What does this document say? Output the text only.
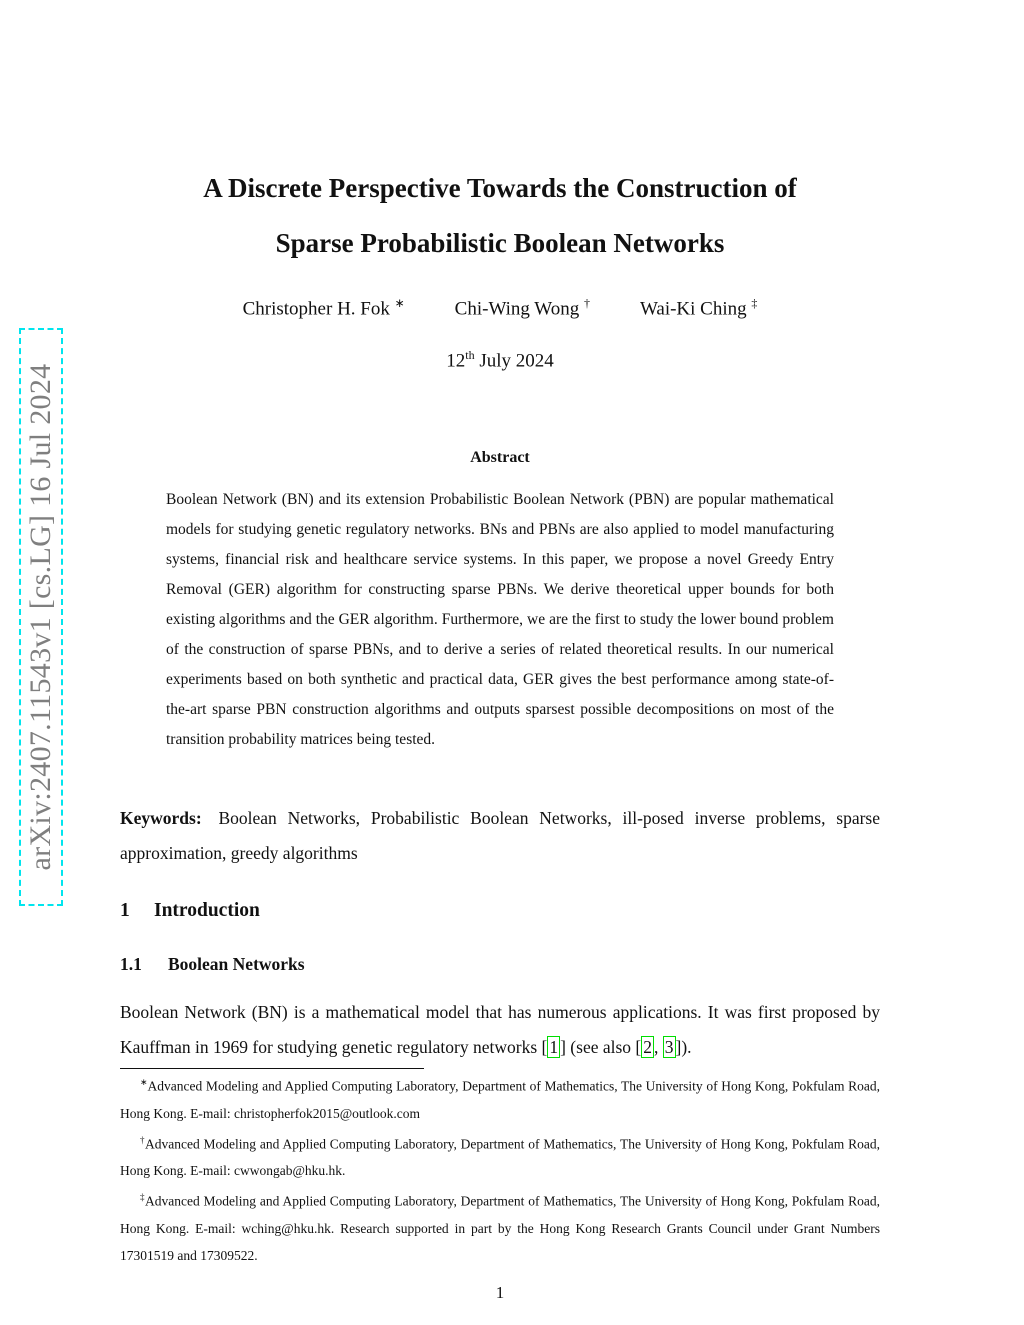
arXiv:2407.11543v1 [cs.LG] 16 Jul 2024
A Discrete Perspective Towards the Construction of
Sparse Probabilistic Boolean Networks
Christopher H. Fok ∗	Chi-Wing Wong †	Wai-Ki Ching ‡
12th July 2024
Abstract
Boolean Network (BN) and its extension Probabilistic Boolean Network (PBN) are popular mathematical models for studying genetic regulatory networks. BNs and PBNs are also applied to model manufacturing systems, financial risk and healthcare service systems. In this paper, we propose a novel Greedy Entry Removal (GER) algorithm for constructing sparse PBNs. We derive theoretical upper bounds for both existing algorithms and the GER algorithm. Furthermore, we are the first to study the lower bound problem of the construction of sparse PBNs, and to derive a series of related theoretical results. In our numerical experiments based on both synthetic and practical data, GER gives the best performance among state-of-the-art sparse PBN construction algorithms and outputs sparsest possible decompositions on most of the transition probability matrices being tested.
Keywords: Boolean Networks, Probabilistic Boolean Networks, ill-posed inverse problems, sparse approximation, greedy algorithms
1 Introduction
1.1 Boolean Networks
Boolean Network (BN) is a mathematical model that has numerous applications. It was first proposed by Kauffman in 1969 for studying genetic regulatory networks [ 1 ] (see also [ 2 , 3 ]).
∗Advanced Modeling and Applied Computing Laboratory, Department of Mathematics, The University of Hong Kong, Pokfulam Road, Hong Kong. E-mail: christopherfok2015@outlook.com
†Advanced Modeling and Applied Computing Laboratory, Department of Mathematics, The University of Hong Kong, Pokfulam Road, Hong Kong. E-mail: cwwongab@hku.hk.
‡Advanced Modeling and Applied Computing Laboratory, Department of Mathematics, The University of Hong Kong, Pokfulam Road, Hong Kong. E-mail: wching@hku.hk. Research supported in part by the Hong Kong Research Grants Council under Grant Numbers 17301519 and 17309522.
1
